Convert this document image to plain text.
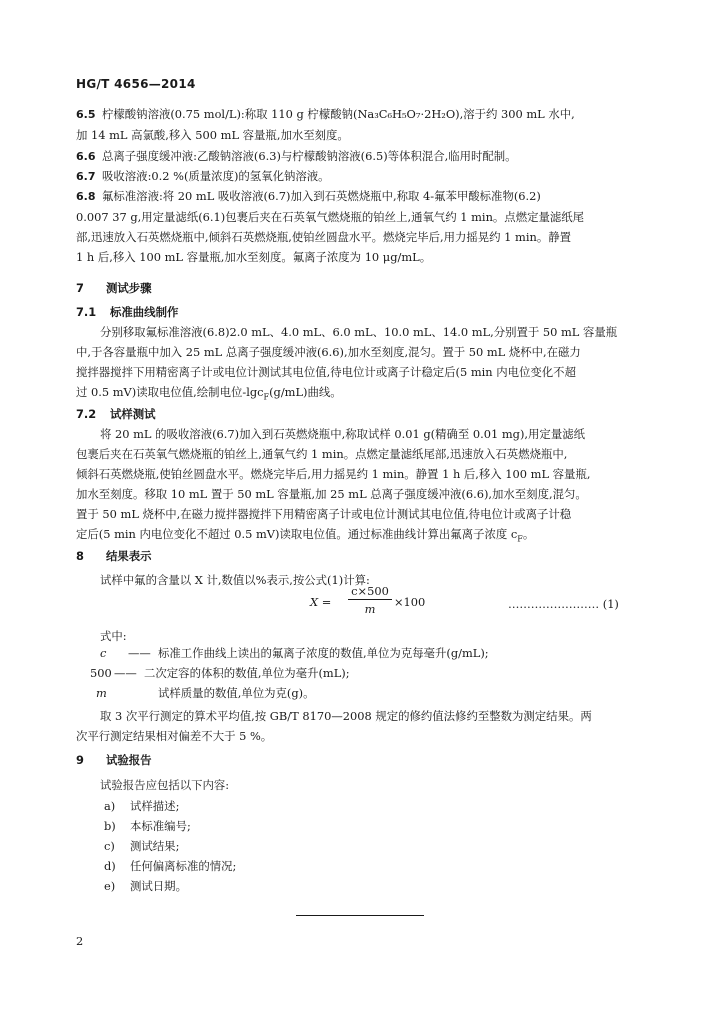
HG/T 4656—2014
6.5 柠檬酸钠溶液(0.75 mol/L):称取 110 g 柠檬酸钠(Na₃C₆H₅O₇·2H₂O),溶于约 300 mL 水中,
加 14 mL 高氯酸,移入 500 mL 容量瓶,加水至刻度。
6.6 总离子强度缓冲液:乙酸钠溶液(6.3)与柠檬酸钠溶液(6.5)等体积混合,临用时配制。
6.7 吸收溶液:0.2 %(质量浓度)的氢氧化钠溶液。
6.8 氟标准溶液:将 20 mL 吸收溶液(6.7)加入到石英燃烧瓶中,称取 4-氟苯甲酸标准物(6.2)
0.007 37 g,用定量滤纸(6.1)包裹后夹在石英氧气燃烧瓶的铂丝上,通氧气约 1 min。点燃定量滤纸尾
部,迅速放入石英燃烧瓶中,倾斜石英燃烧瓶,使铂丝圆盘水平。燃烧完毕后,用力摇晃约 1 min。静置
1 h 后,移入 100 mL 容量瓶,加水至刻度。氟离子浓度为 10 μg/mL。
7 测试步骤
7.1 标准曲线制作
分别移取氟标准溶液(6.8)2.0 mL、4.0 mL、6.0 mL、10.0 mL、14.0 mL,分别置于 50 mL 容量瓶
中,于各容量瓶中加入 25 mL 总离子强度缓冲液(6.6),加水至刻度,混匀。置于 50 mL 烧杯中,在磁力
搅拌器搅拌下用精密离子计或电位计测试其电位值,待电位计或离子计稳定后(5 min 内电位变化不超
过 0.5 mV)读取电位值,绘制电位-lgc$_F$(g/mL)曲线。
7.2 试样测试
将 20 mL 的吸收溶液(6.7)加入到石英燃烧瓶中,称取试样 0.01 g(精确至 0.01 mg),用定量滤纸
包裹后夹在石英氧气燃烧瓶的铂丝上,通氧气约 1 min。点燃定量滤纸尾部,迅速放入石英燃烧瓶中,
倾斜石英燃烧瓶,使铂丝圆盘水平。燃烧完毕后,用力摇晃约 1 min。静置 1 h 后,移入 100 mL 容量瓶,
加水至刻度。移取 10 mL 置于 50 mL 容量瓶,加 25 mL 总离子强度缓冲液(6.6),加水至刻度,混匀。
置于 50 mL 烧杯中,在磁力搅拌器搅拌下用精密离子计或电位计测试其电位值,待电位计或离子计稳
定后(5 min 内电位变化不超过 0.5 mV)读取电位值。通过标准曲线计算出氟离子浓度 $c_F$。
8 结果表示
试样中氟的含量以 X 计,数值以%表示,按公式(1)计算:
X =
c×500
m	×100	…………………… (1)
式中:
c —— 标准工作曲线上读出的氟离子浓度的数值,单位为克每毫升(g/mL);
500 —— 二次定容的体积的数值,单位为毫升(mL);
m	试样质量的数值,单位为克(g)。
取 3 次平行测定的算术平均值,按 GB/T 8170—2008 规定的修约值法修约至整数为测定结果。两
次平行测定结果相对偏差不大于 5 %。
9 试验报告
试验报告应包括以下内容:
a) 试样描述;
b) 本标准编号;
c) 测试结果;
d) 任何偏离标准的情况;
e) 测试日期。
2
